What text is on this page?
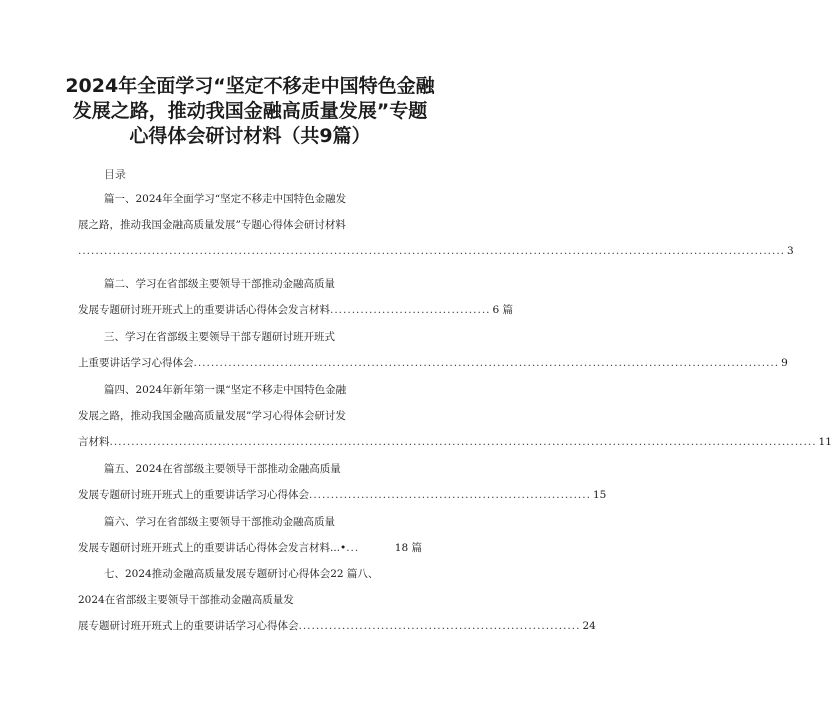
2024年全面学习“坚定不移走中国特色金融
发展之路，推动我国金融高质量发展”专题
心得体会研讨材料（共9篇）
目录
篇一、2024年全面学习“坚定不移走中国特色金融发
展之路，推动我国金融高质量发展”专题心得体会研讨材料
................................................................................................................................................................... 3
篇二、学习在省部级主要领导干部推动金融高质量
发展专题研讨班开班式上的重要讲话心得体会发言材料 ..................................... 6 篇
三、学习在省部级主要领导干部专题研讨班开班式
上重要讲话学习心得体会 ....................................................................................................................................... 9
篇四、2024年新年第一课“坚定不移走中国特色金融
发展之路，推动我国金融高质量发展”学习心得体会研讨发
言材料 ................................................................................................................................................................... 11
篇五、2024在省部级主要领导干部推动金融高质量
发展专题研讨班开班式上的重要讲话学习心得体会 ................................................................. 15
篇六、学习在省部级主要领导干部推动金融高质量
发展专题研讨班开班式上的重要讲话心得体会发言材料...• ...	18 篇
七、2024推动金融高质量发展专题研讨心得体会22 篇八、
2024在省部级主要领导干部推动金融高质量发
展专题研讨班开班式上的重要讲话学习心得体会 ................................................................. 24
